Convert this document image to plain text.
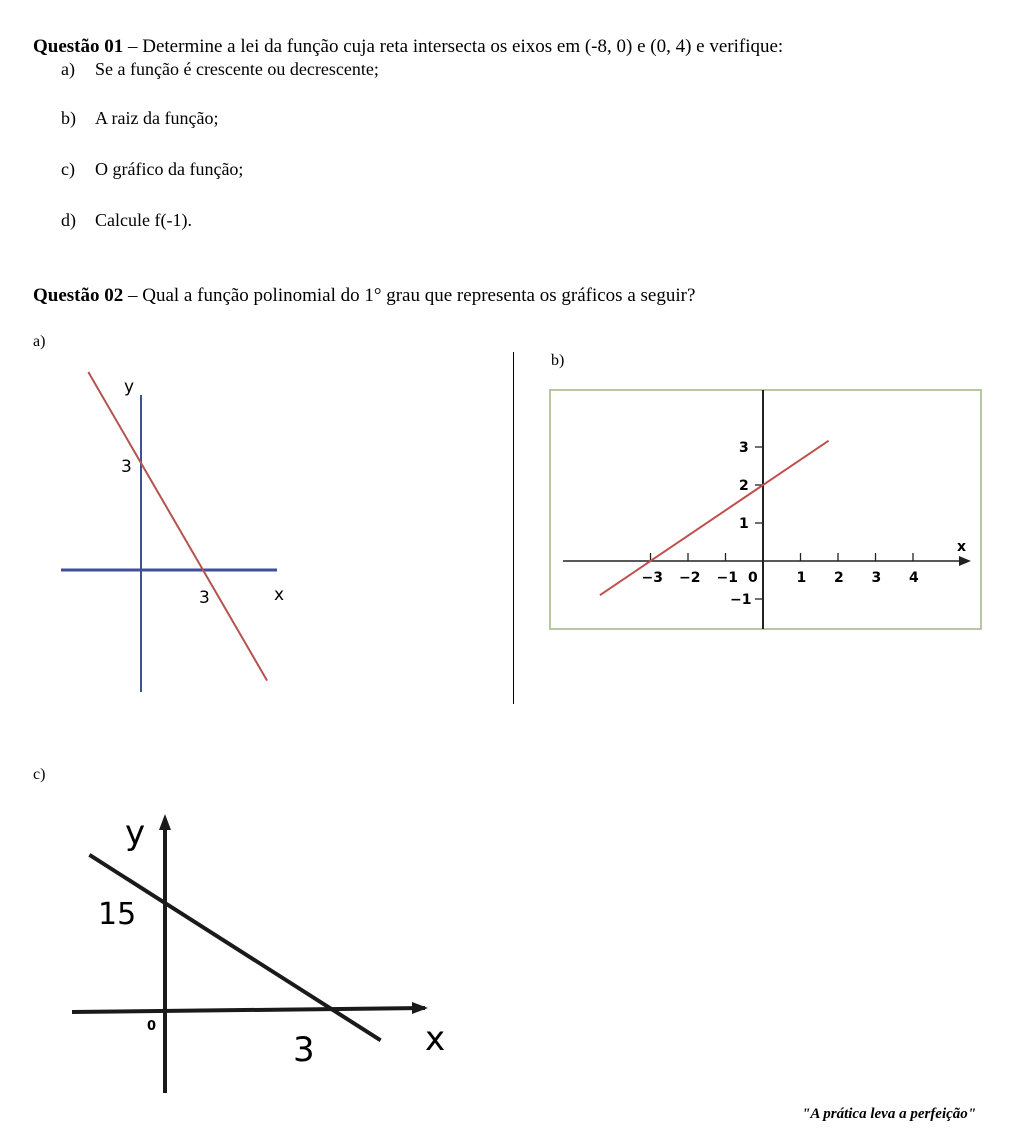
Questão 01 – Determine a lei da função cuja reta intersecta os eixos em (-8, 0) e (0, 4) e verifique:
a) Se a função é crescente ou decrescente;
b) A raiz da função;
c) O gráfico da função;
d) Calcule f(-1).
Questão 02 – Qual a função polinomial do 1° grau que representa os gráficos a seguir?
a)
b)
c)
y
3
3	x
−3 −2 −1 0	1 2 3 4
3
2
1
−1
x
y
15
0
3	x
"A prática leva a perfeição"
